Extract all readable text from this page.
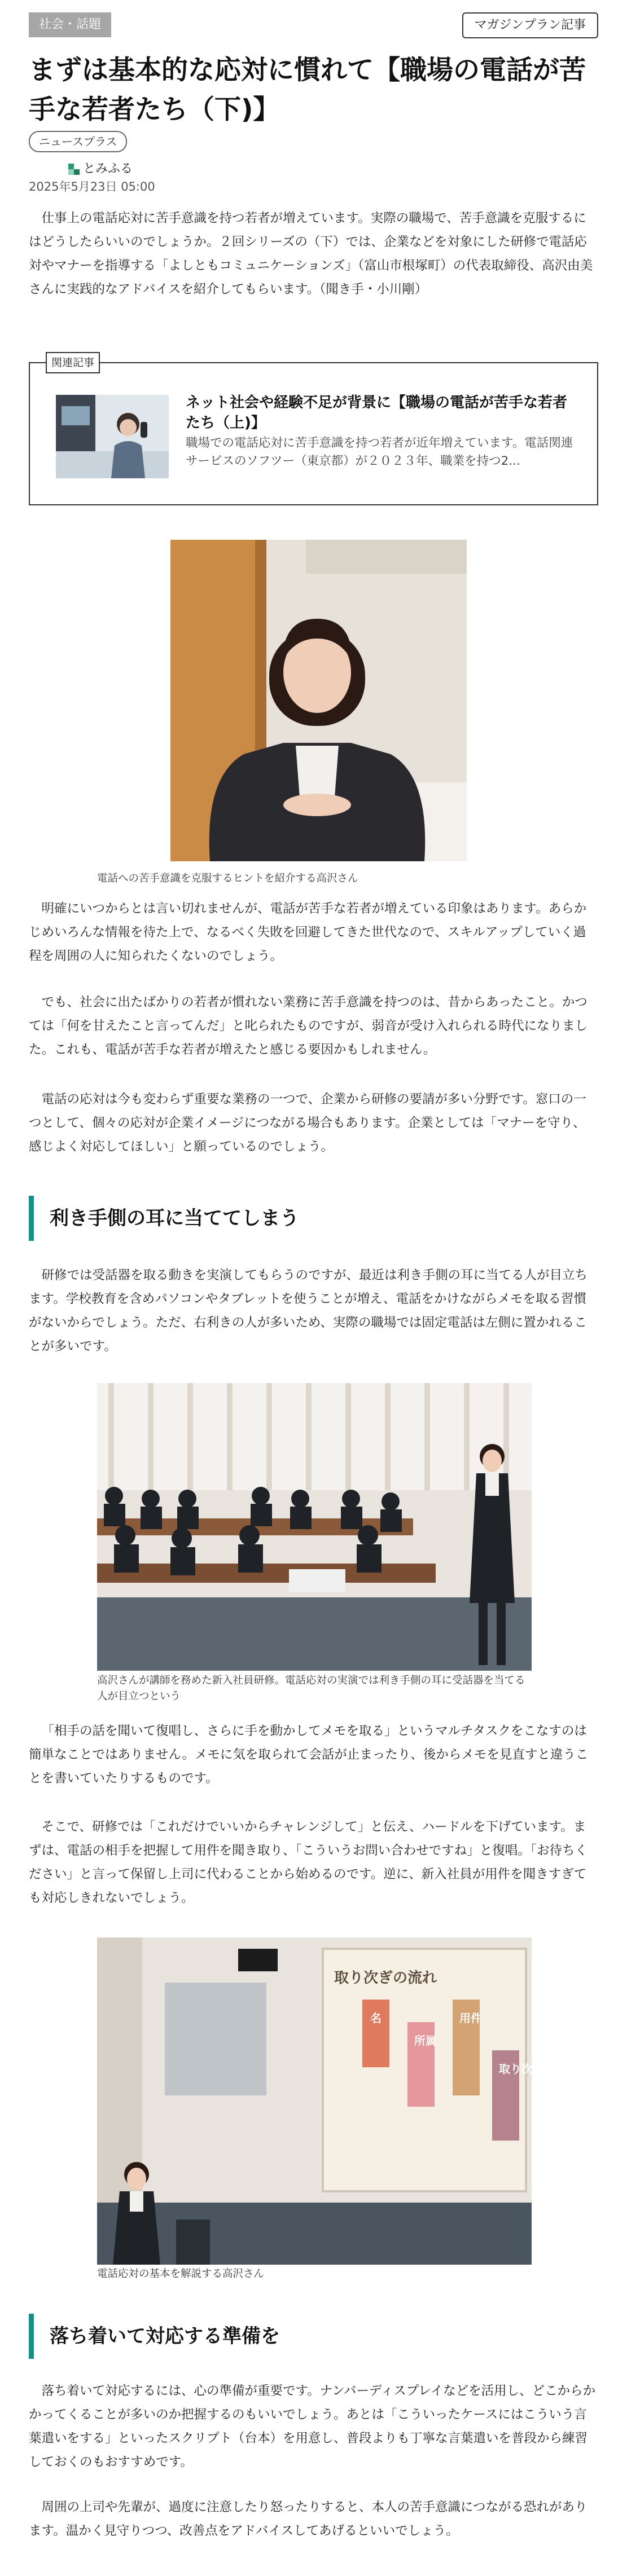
社会・話題	マガジンプラン記事
まずは基本的な応対に慣れて【職場の電話が苦手な若者たち（下)】
ニュースプラス
とみふる
2025年5月23日 05:00

仕事上の電話応対に苦手意識を持つ若者が増えています。実際の職場で、苦手意識を克服するにはどうしたらいいのでしょうか。２回シリーズの（下）では、企業などを対象にした研修で電話応対やマナーを指導する「よしともコミュニケーションズ」（富山市根塚町）の代表取締役、高沢由美さんに実践的なアドバイスを紹介してもらいます。（聞き手・小川剛）

ネット社会や経験不足が背景に【職場の電話が苦手な若者たち（上)】
職場での電話応対に苦手意識を持つ若者が近年増えています。電話関連サービスのソフツー（東京都）が２０２３年、職業を持つ2...
関連記事
電話への苦手意識を克服するヒントを紹介する高沢さん

明確にいつからとは言い切れませんが、電話が苦手な若者が増えている印象はあります。あらかじめいろんな情報を待た上で、なるべく失敗を回避してきた世代なので、スキルアップしていく過程を周囲の人に知られたくないのでしょう。

でも、社会に出たばかりの若者が慣れない業務に苦手意識を持つのは、昔からあったこと。かつては「何を甘えたこと言ってんだ」と叱られたものですが、弱音が受け入れられる時代になりました。これも、電話が苦手な若者が増えたと感じる要因かもしれません。

電話の応対は今も変わらず重要な業務の一つで、企業から研修の要請が多い分野です。窓口の一つとして、個々の応対が企業イメージにつながる場合もあります。企業としては「マナーを守り、感じよく対応してほしい」と願っているのでしょう。

利き手側の耳に当ててしまう

研修では受話器を取る動きを実演してもらうのですが、最近は利き手側の耳に当てる人が目立ちます。学校教育を含めパソコンやタブレットを使うことが増え、電話をかけながらメモを取る習慣がないからでしょう。ただ、右利きの人が多いため、実際の職場では固定電話は左側に置かれることが多いです。

高沢さんが講師を務めた新入社員研修。電話応対の実演では利き手側の耳に受話器を当てる人が目立つという

「相手の話を聞いて復唱し、さらに手を動かしてメモを取る」というマルチタスクをこなすのは簡単なことではありません。メモに気を取られて会話が止まったり、後からメモを見直すと違うことを書いていたりするものです。

そこで、研修では「これだけでいいからチャレンジして」と伝え、ハードルを下げています。まずは、電話の相手を把握して用件を聞き取り、「こういうお問い合わせですね」と復唱。「お待ちください」と言って保留し上司に代わることから始めるのです。逆に、新入社員が用件を聞きすぎても対応しきれないでしょう。

取り次ぎの流れ
名
所属
用件
取り次ぎ
電話応対の基本を解説する高沢さん
落ち着いて対応する準備を

落ち着いて対応するには、心の準備が重要です。ナンバーディスプレイなどを活用し、どこからかかってくることが多いのか把握するのもいいでしょう。あとは「こういったケースにはこういう言葉遣いをする」といったスクリプト（台本）を用意し、普段よりも丁寧な言葉遣いを普段から練習しておくのもおすすめです。

周囲の上司や先輩が、過度に注意したり怒ったりすると、本人の苦手意識につながる恐れがあります。温かく見守りつつ、改善点をアドバイスしてあげるといいでしょう。
